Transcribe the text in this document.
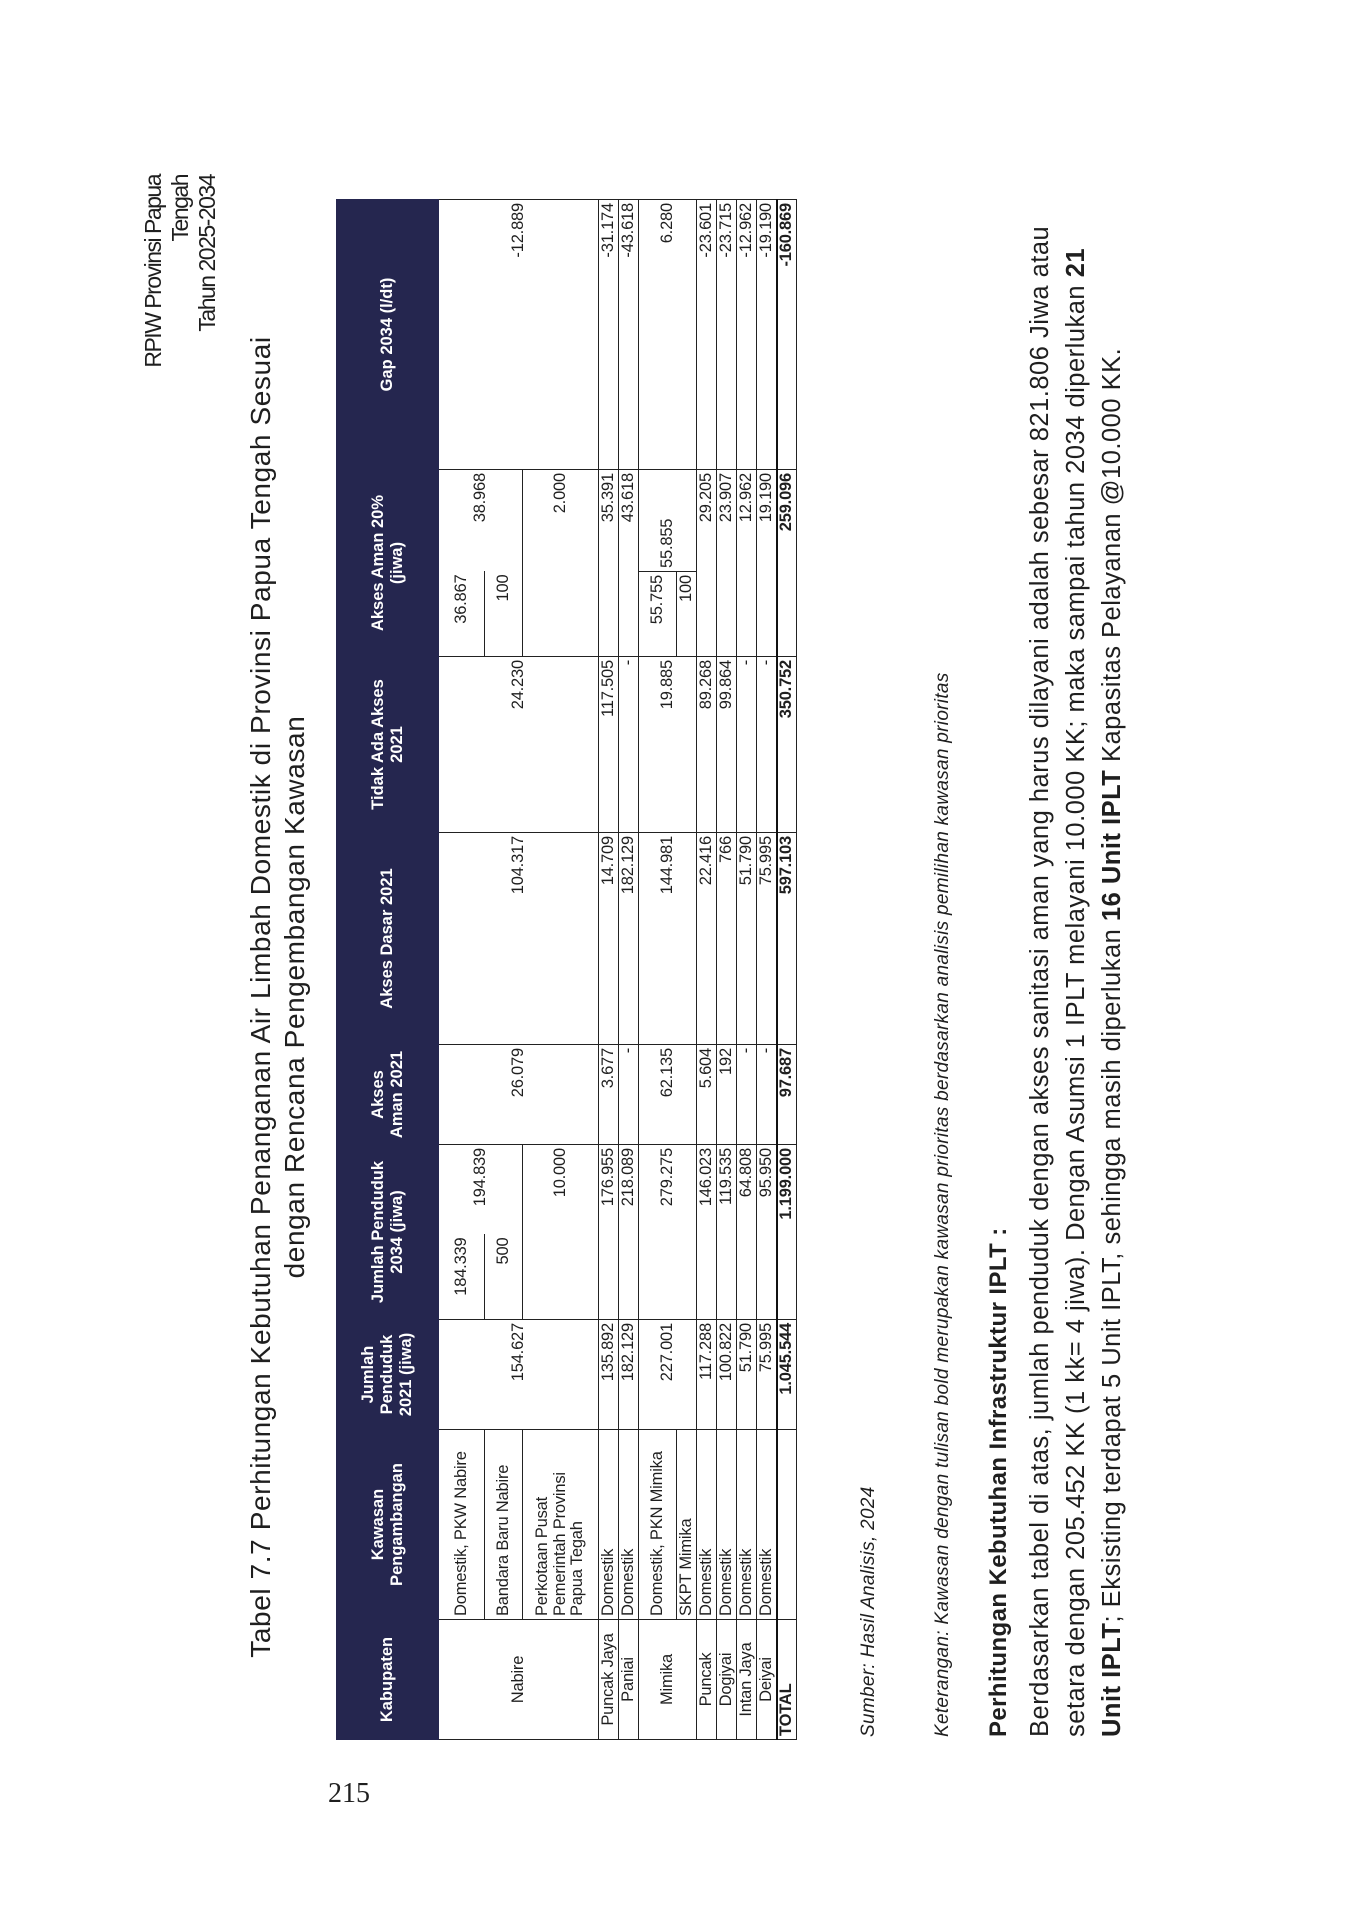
215
RPIW Provinsi Papua Tengah Tahun 2025-2034
Tabel 7.7 Perhitungan Kebutuhan Penanganan Air Limbah Domestik di Provinsi Papua Tengah Sesuai dengan Rencana Pengembangan Kawasan
Kabupaten	Kawasan Pengambangan	Jumlah Penduduk 2021 (jiwa)	Jumlah Penduduk 2034 (jiwa)		Akses Aman 2021	Akses Dasar 2021	Tidak Ada Akses 2021	Akses Aman 20% (jiwa)		Gap 2034 (l/dt)
Nabire	Domestik, PKW Nabire	154.627	184.339	194.839	26.079	104.317	24.230	36.867	38.968	-12.889
	Bandara Baru Nabire		500					100		
	Perkotaan Pusat Pemerintah Provinsi Papua Tegah		10.000					2.000		
Puncak Jaya	Domestik	135.892	176.955		3.677	14.709	117.505	35.391		-31.174
Paniai	Domestik	182.129	218.089		-	182.129	-	43.618		-43.618
Mimika	Domestik, PKN Mimika	227.001	279.275		62.135	144.981	19.885	55.755	55.855	6.280
	SKPT Mimika							100		
Puncak	Domestik	117.288	146.023		5.604	22.416	89.268	29.205		-23.601
Dogiyai	Domestik	100.822	119.535		192	766	99.864	23.907		-23.715
Intan Jaya	Domestik	51.790	64.808		-	51.790	-	12.962		-12.962
Deiyai	Domestik	75.995	95.950		-	75.995	-	19.190		-19.190
TOTAL		1.045.544	1.199.000		97.687	597.103	350.752	259.096		-160.869
Sumber: Hasil Analisis, 2024	Keterangan: Kawasan dengan tulisan bold merupakan kawasan prioritas berdasarkan analisis pemilihan kawasan prioritas
Perhitungan Kebutuhan Infrastruktur IPLT : Berdasarkan tabel di atas, jumlah penduduk dengan akses sanitasi aman yang harus dilayani adalah sebesar 821.806 Jiwa atau setara dengan 205.452 KK (1 kk= 4 jiwa). Dengan Asumsi 1 IPLT melayani 10.000 KK; maka sampai tahun 2034 diperlukan 21 Unit IPLT; Eksisting terdapat 5 Unit IPLT, sehingga masih diperlukan 16 Unit IPLT Kapasitas Pelayanan @10.000 KK.
